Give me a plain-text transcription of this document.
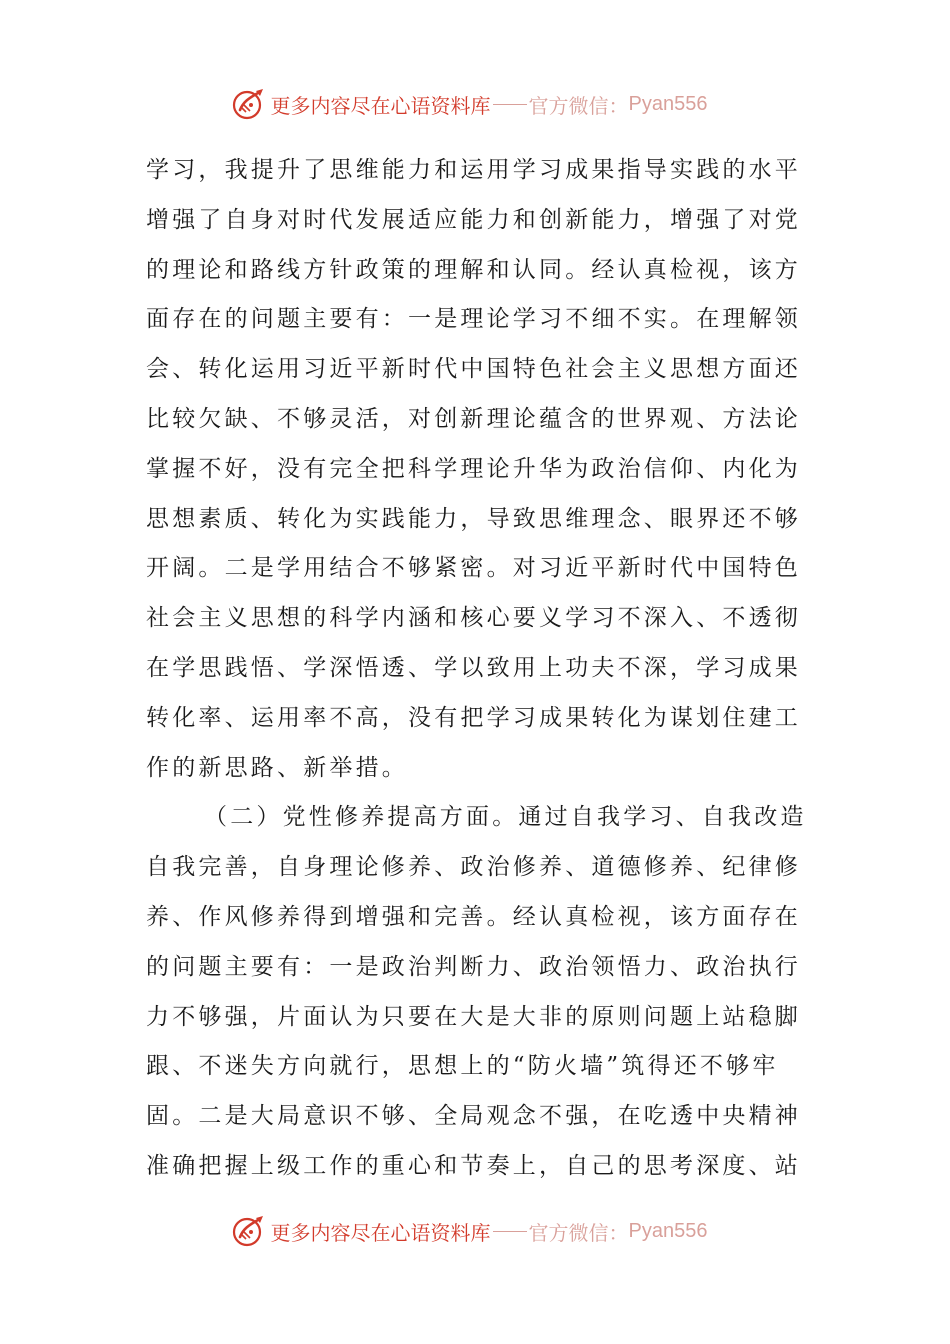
更多内容尽在心语资料库 官方微信： Pyan556
学习，我提升了思维能力和运用学习成果指导实践的水平
增强了自身对时代发展适应能力和创新能力，增强了对党
的理论和路线方针政策的理解和认同。经认真检视，该方
面存在的问题主要有：一是理论学习不细不实。在理解领
会、转化运用习近平新时代中国特色社会主义思想方面还
比较欠缺、不够灵活，对创新理论蕴含的世界观、方法论
掌握不好，没有完全把科学理论升华为政治信仰、内化为
思想素质、转化为实践能力，导致思维理念、眼界还不够
开阔。二是学用结合不够紧密。对习近平新时代中国特色
社会主义思想的科学内涵和核心要义学习不深入、不透彻
在学思践悟、学深悟透、学以致用上功夫不深，学习成果
转化率、运用率不高，没有把学习成果转化为谋划住建工
作的新思路、新举措。
（二）党性修养提高方面。通过自我学习、自我改造
自我完善，自身理论修养、政治修养、道德修养、纪律修
养、作风修养得到增强和完善。经认真检视，该方面存在
的问题主要有：一是政治判断力、政治领悟力、政治执行
力不够强，片面认为只要在大是大非的原则问题上站稳脚
跟、不迷失方向就行，思想上的“防火墙”筑得还不够牢
固。二是大局意识不够、全局观念不强，在吃透中央精神
准确把握上级工作的重心和节奏上，自己的思考深度、站
更多内容尽在心语资料库 官方微信： Pyan556
